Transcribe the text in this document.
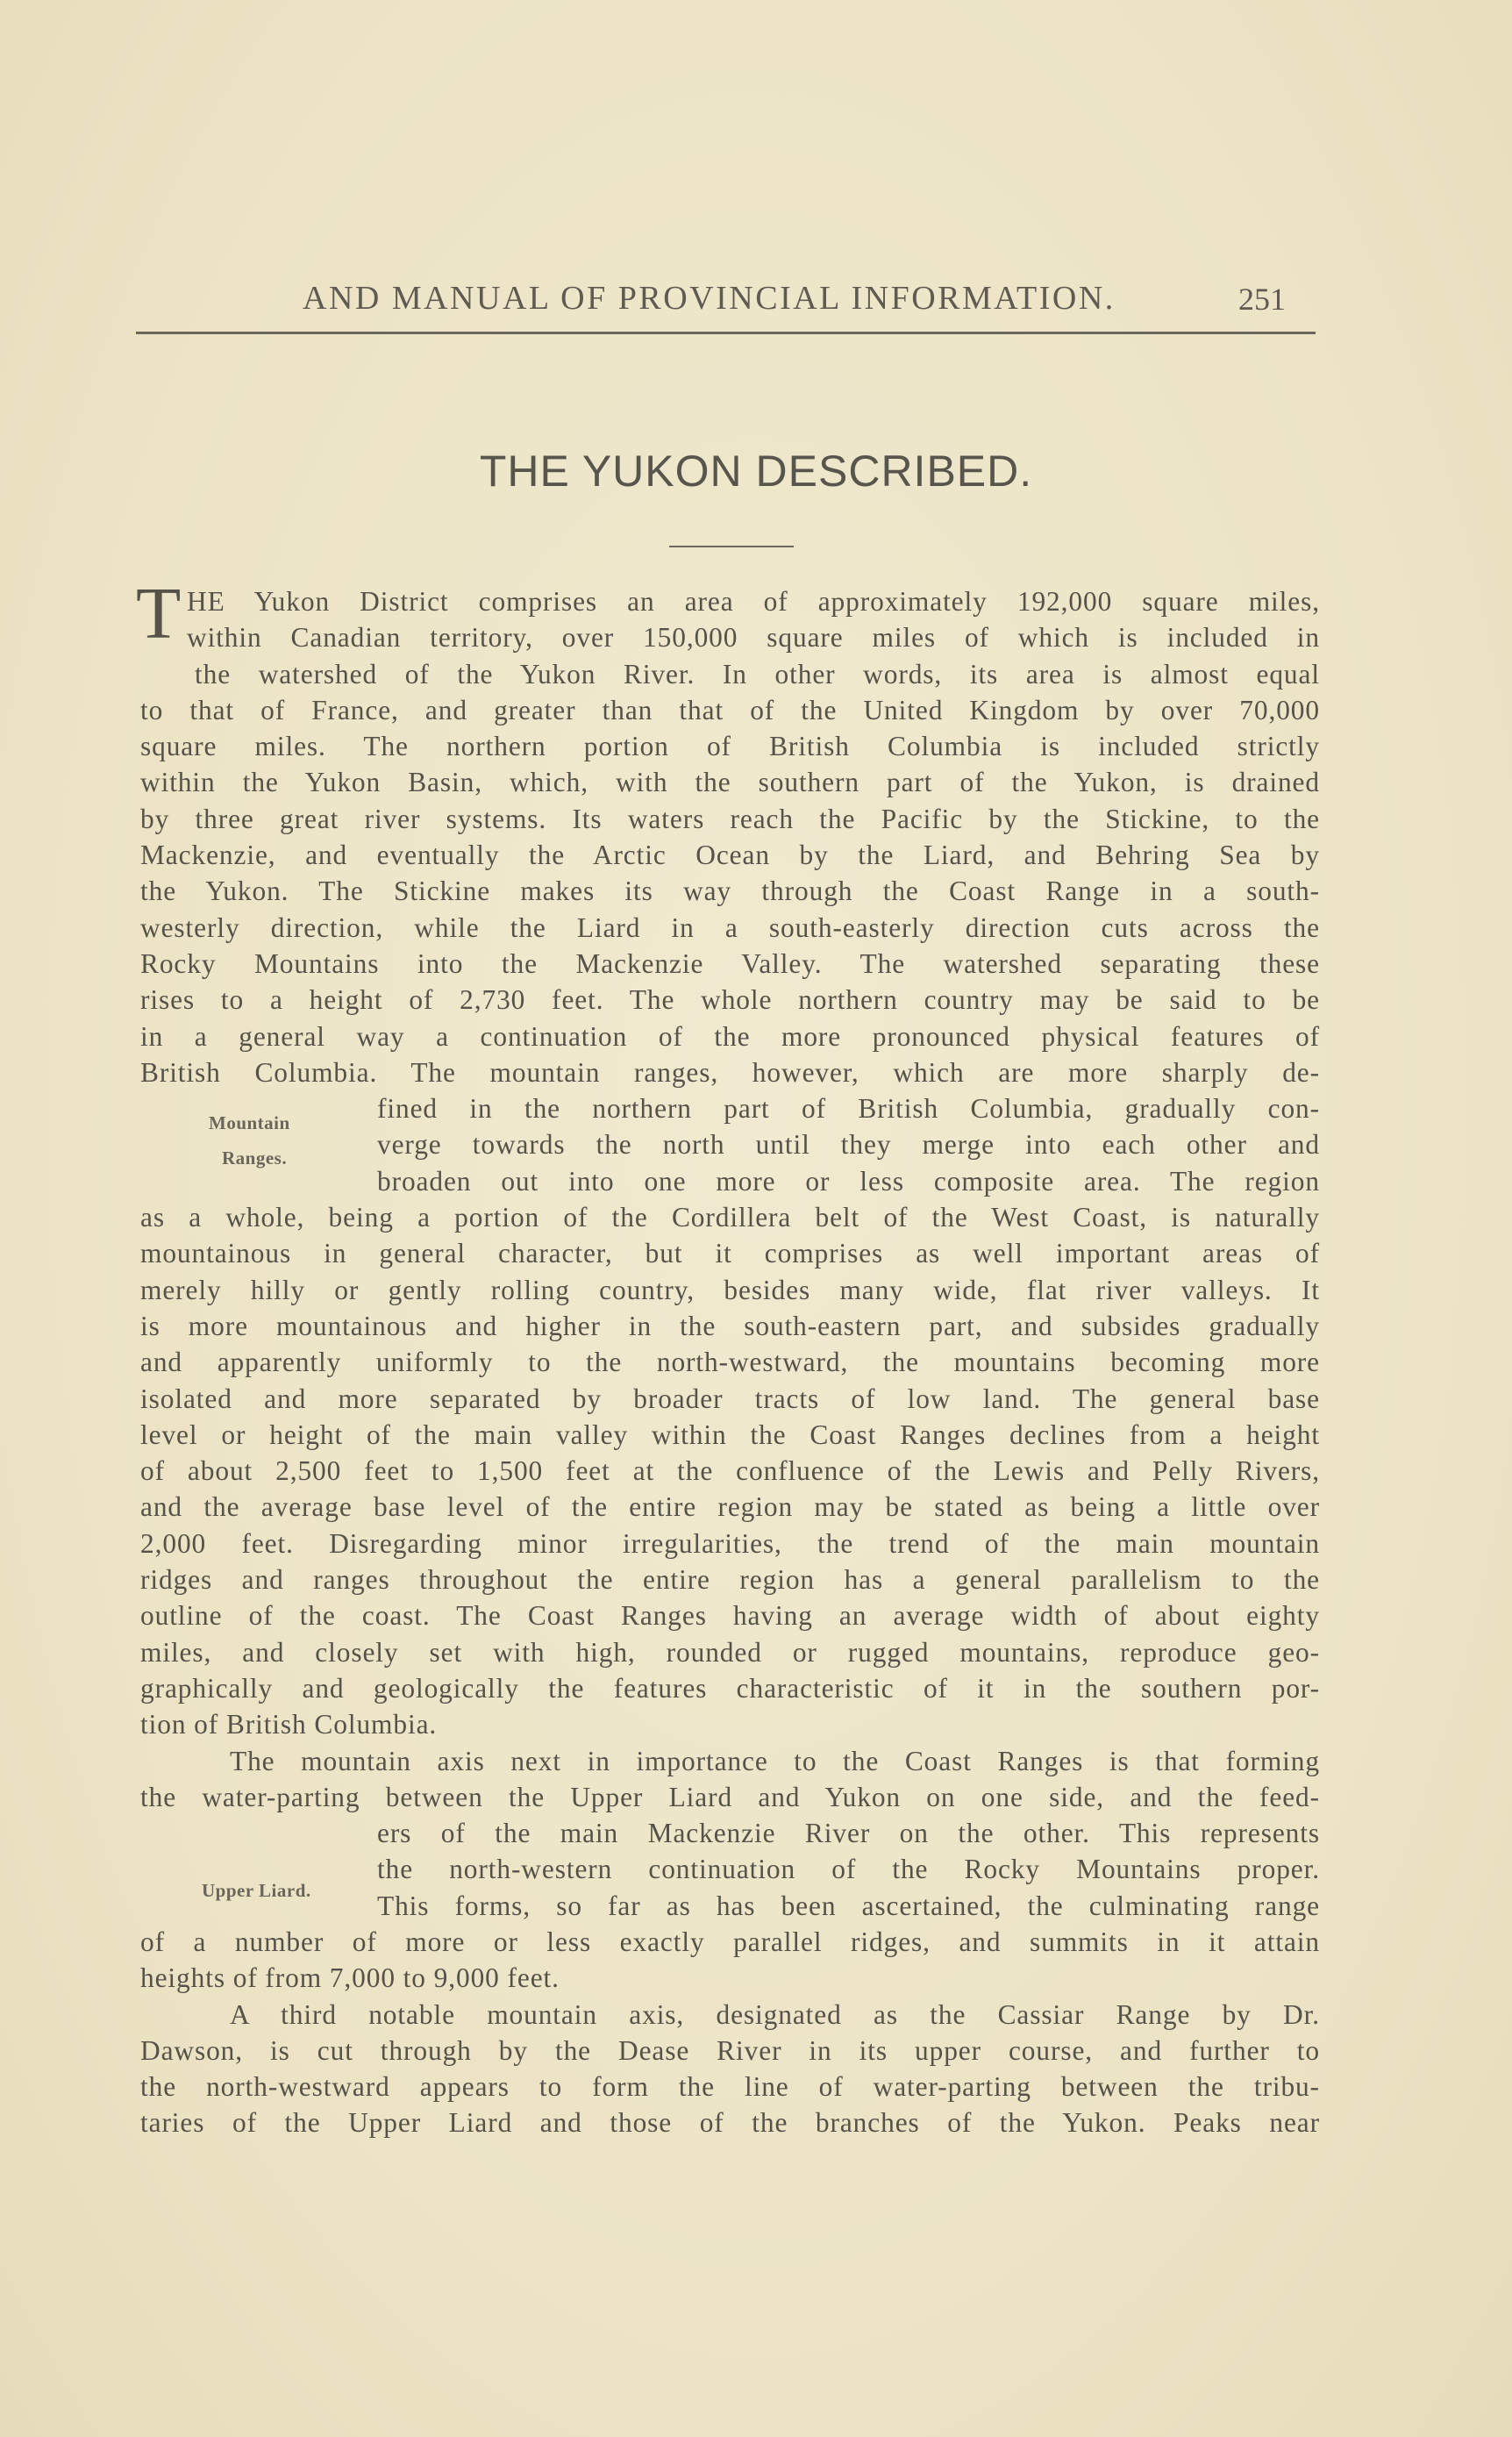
AND MANUAL OF PROVINCIAL INFORMATION.	251
THE YUKON DESCRIBED.
T
Mountain
Ranges.
Upper Liard.
HE Yukon District comprises an area of approximately 192,000 square miles,
within Canadian territory, over 150,000 square miles of which is included in
the watershed of the Yukon River. In other words, its area is almost equal
to that of France, and greater than that of the United Kingdom by over 70,000
square miles. The northern portion of British Columbia is included strictly
within the Yukon Basin, which, with the southern part of the Yukon, is drained
by three great river systems. Its waters reach the Pacific by the Stickine, to the
Mackenzie, and eventually the Arctic Ocean by the Liard, and Behring Sea by
the Yukon. The Stickine makes its way through the Coast Range in a south-
westerly direction, while the Liard in a south-easterly direction cuts across the
Rocky Mountains into the Mackenzie Valley. The watershed separating these
rises to a height of 2,730 feet. The whole northern country may be said to be
in a general way a continuation of the more pronounced physical features of
British Columbia. The mountain ranges, however, which are more sharply de-
fined in the northern part of British Columbia, gradually con-
verge towards the north until they merge into each other and
broaden out into one more or less composite area. The region
as a whole, being a portion of the Cordillera belt of the West Coast, is naturally
mountainous in general character, but it comprises as well important areas of
merely hilly or gently rolling country, besides many wide, flat river valleys. It
is more mountainous and higher in the south-eastern part, and subsides gradually
and apparently uniformly to the north-westward, the mountains becoming more
isolated and more separated by broader tracts of low land. The general base
level or height of the main valley within the Coast Ranges declines from a height
of about 2,500 feet to 1,500 feet at the confluence of the Lewis and Pelly Rivers,
and the average base level of the entire region may be stated as being a little over
2,000 feet. Disregarding minor irregularities, the trend of the main mountain
ridges and ranges throughout the entire region has a general parallelism to the
outline of the coast. The Coast Ranges having an average width of about eighty
miles, and closely set with high, rounded or rugged mountains, reproduce geo-
graphically and geologically the features characteristic of it in the southern por-
tion of British Columbia.
The mountain axis next in importance to the Coast Ranges is that forming
the water-parting between the Upper Liard and Yukon on one side, and the feed-
ers of the main Mackenzie River on the other. This represents
the north-western continuation of the Rocky Mountains proper.
This forms, so far as has been ascertained, the culminating range
of a number of more or less exactly parallel ridges, and summits in it attain
heights of from 7,000 to 9,000 feet.
A third notable mountain axis, designated as the Cassiar Range by Dr.
Dawson, is cut through by the Dease River in its upper course, and further to
the north-westward appears to form the line of water-parting between the tribu-
taries of the Upper Liard and those of the branches of the Yukon. Peaks near
